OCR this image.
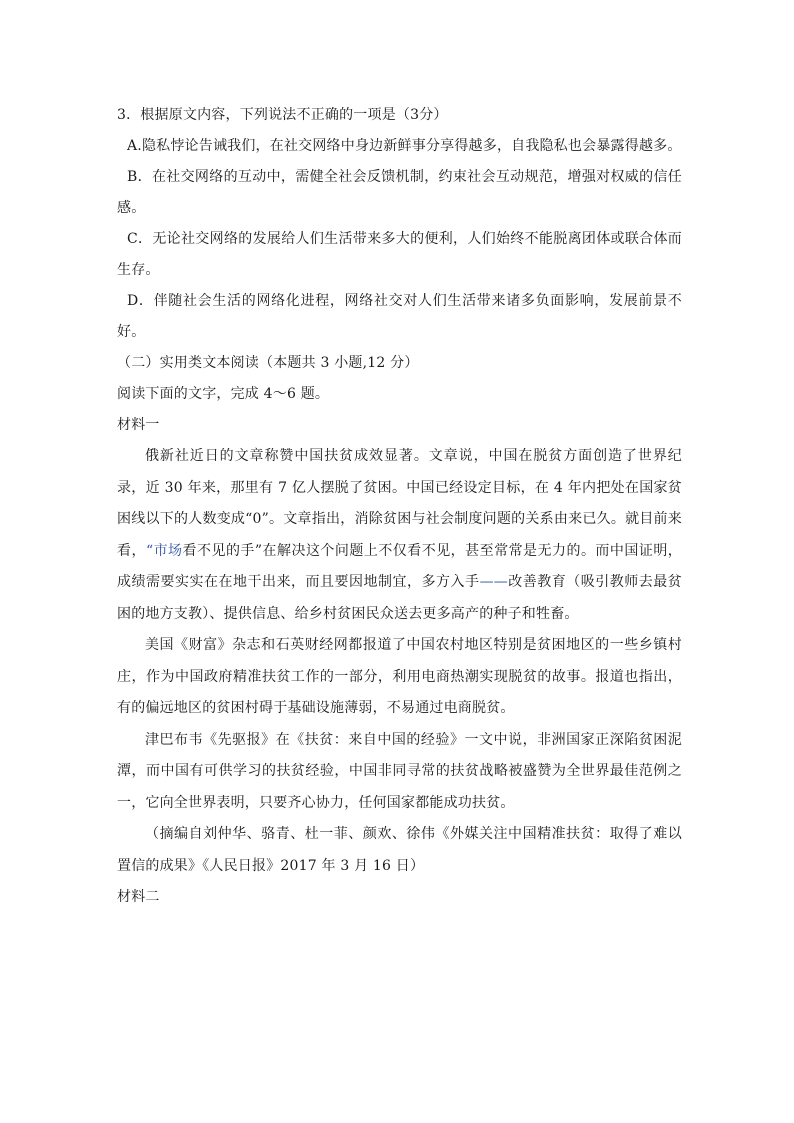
3．根据原文内容，下列说法不正确的一项是（3分）

A.隐私悖论告诫我们，在社交网络中身边新鲜事分享得越多，自我隐私也会暴露得越多。

B．在社交网络的互动中，需健全社会反馈机制，约束社会互动规范，增强对权威的信任感。

C．无论社交网络的发展给人们生活带来多大的便利，人们始终不能脱离团体或联合体而生存。

D．伴随社会生活的网络化进程，网络社交对人们生活带来诸多负面影响，发展前景不好。

（二）实用类文本阅读（本题共 3 小题,12 分）

阅读下面的文字，完成 4～6 题。

材料一

俄新社近日的文章称赞中国扶贫成效显著。文章说，中国在脱贫方面创造了世界纪录，近 30 年来，那里有 7 亿人摆脱了贫困。中国已经设定目标，在 4 年内把处在国家贫困线以下的人数变成“0”。文章指出，消除贫困与社会制度问题的关系由来已久。就目前来看，“市场看不见的手”在解决这个问题上不仅看不见，甚至常常是无力的。而中国证明，成绩需要实实在在地干出来，而且要因地制宜，多方入手——改善教育（吸引教师去最贫困的地方支教）、提供信息、给乡村贫困民众送去更多高产的种子和牲畜。

美国《财富》杂志和石英财经网都报道了中国农村地区特别是贫困地区的一些乡镇村庄，作为中国政府精准扶贫工作的一部分，利用电商热潮实现脱贫的故事。报道也指出，有的偏远地区的贫困村碍于基础设施薄弱，不易通过电商脱贫。

津巴布韦《先驱报》在《扶贫：来自中国的经验》一文中说，非洲国家正深陷贫困泥潭，而中国有可供学习的扶贫经验，中国非同寻常的扶贫战略被盛赞为全世界最佳范例之一，它向全世界表明，只要齐心协力，任何国家都能成功扶贫。

（摘编自刘仲华、骆青、杜一菲、颜欢、徐伟《外媒关注中国精准扶贫：取得了难以置信的成果》《人民日报》2017 年 3 月 16 日）

材料二
